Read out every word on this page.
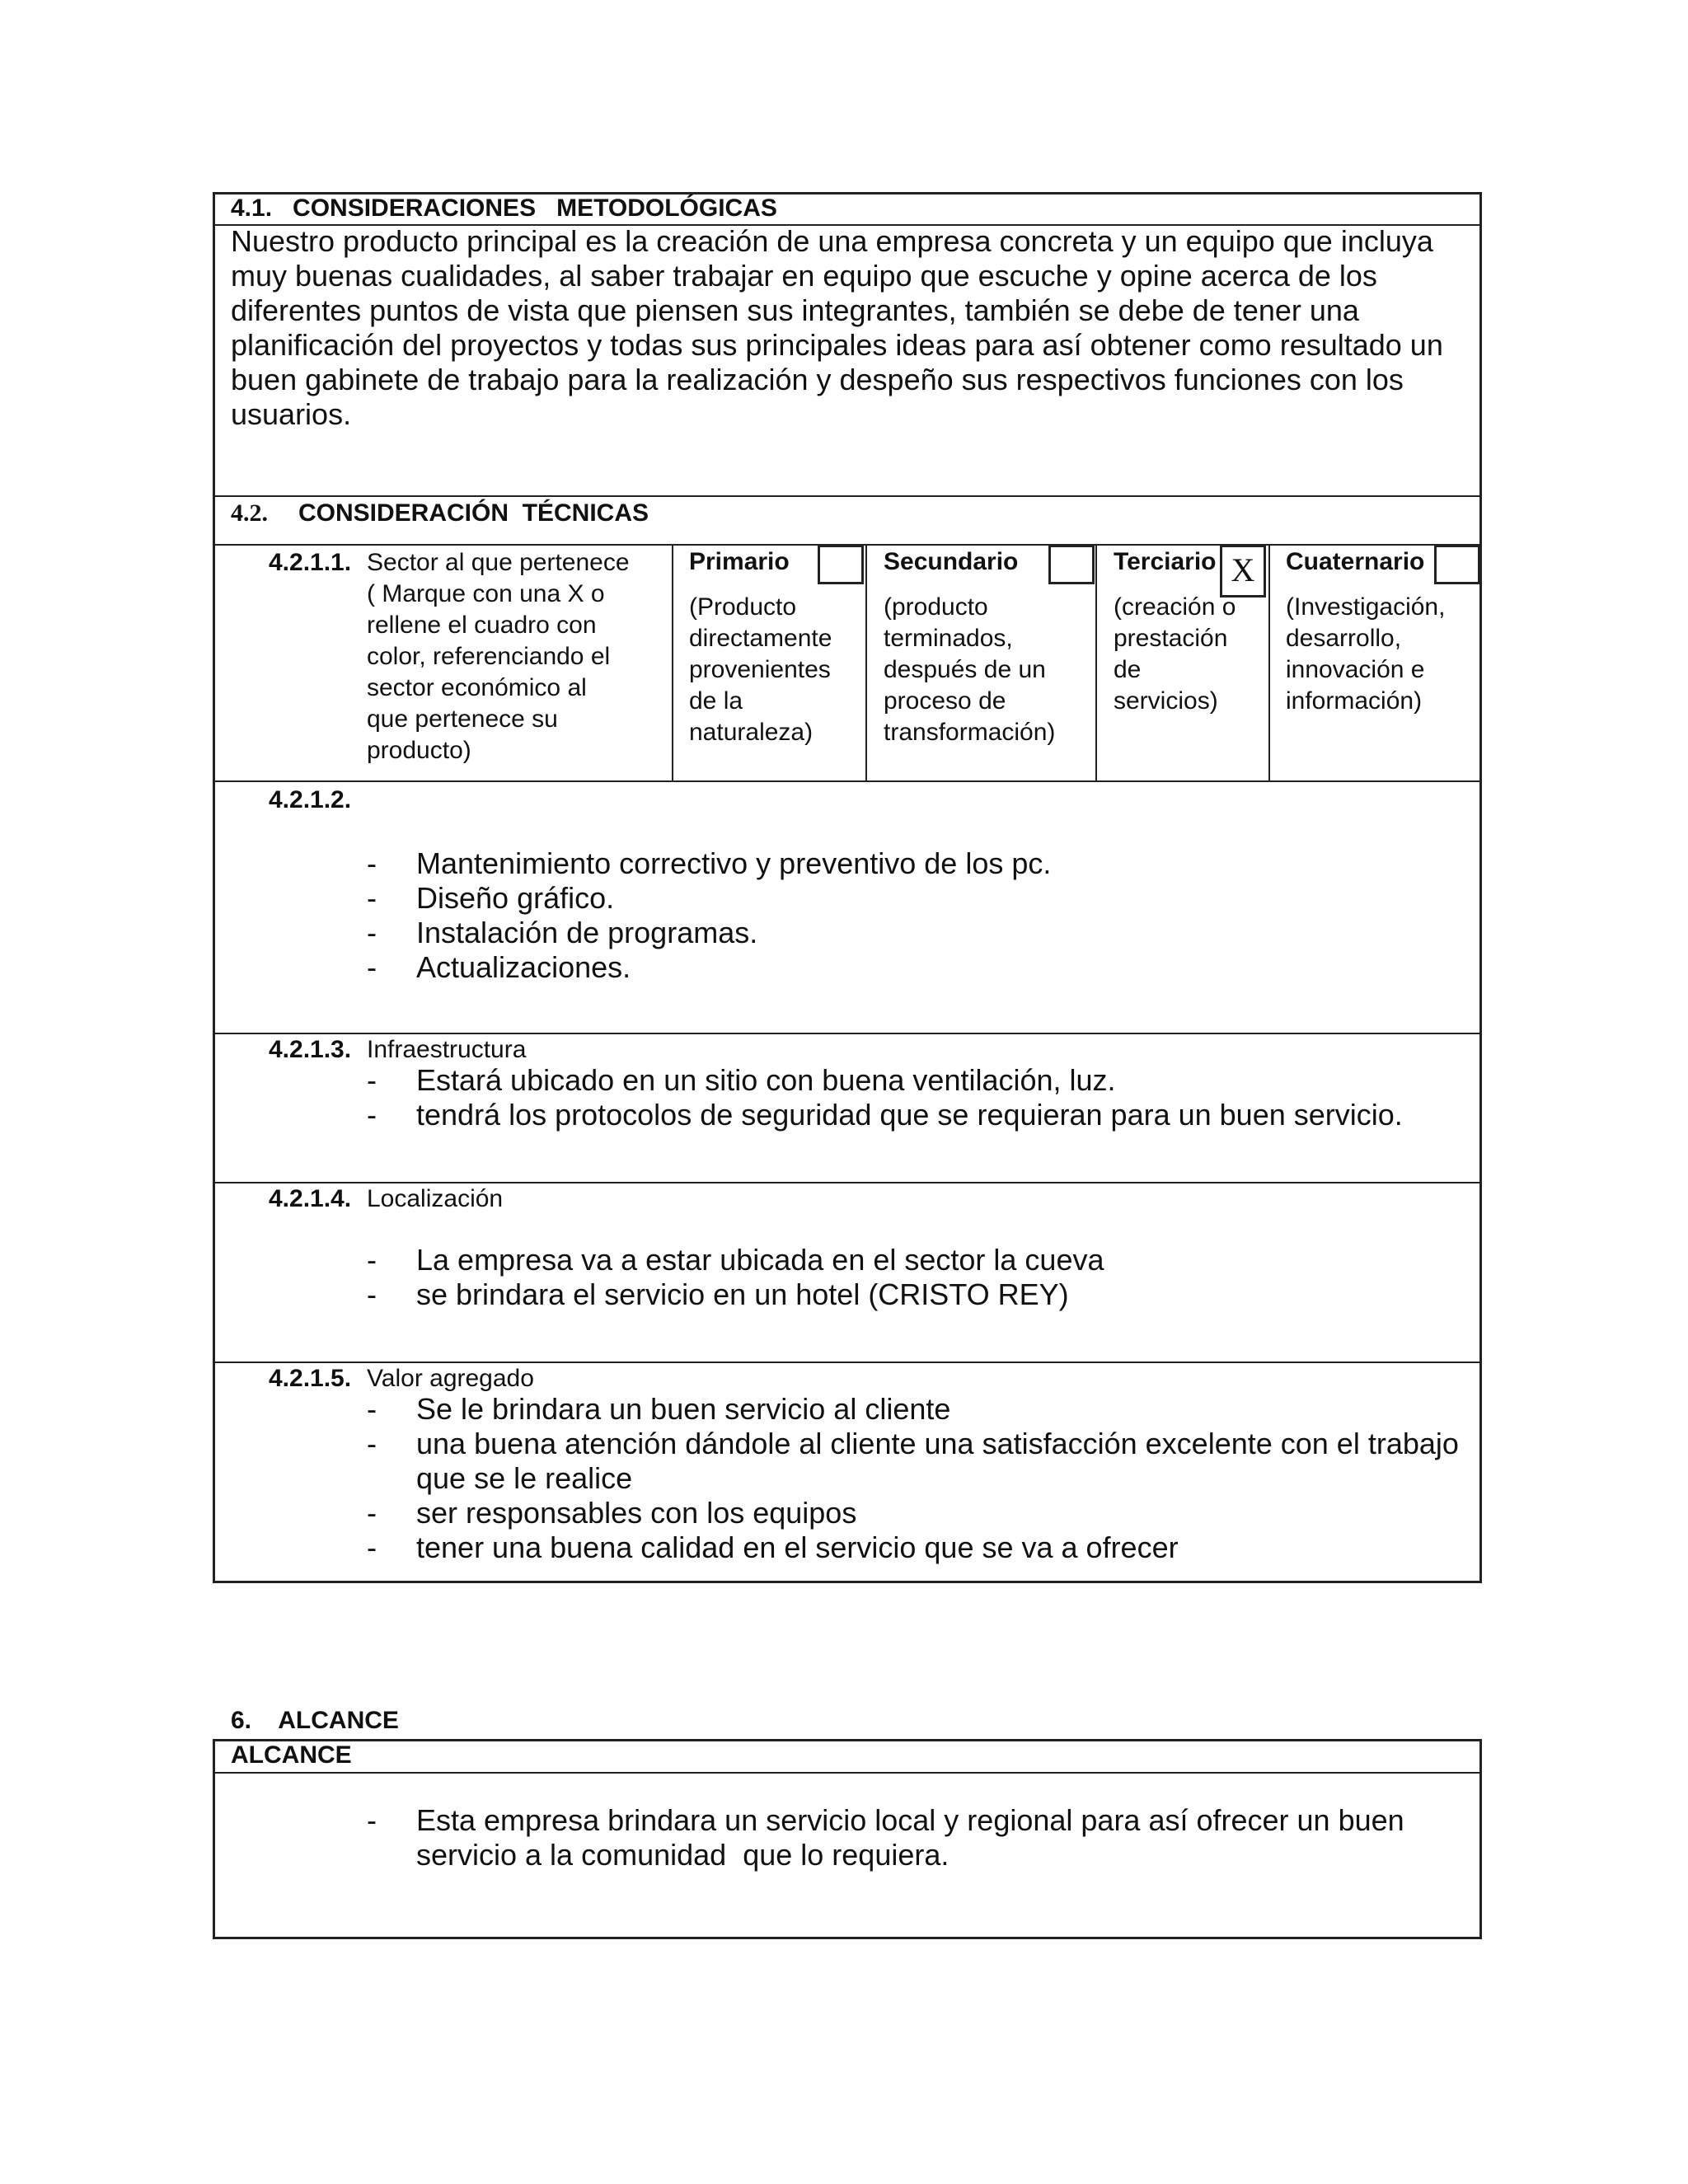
4.1.   CONSIDERACIONES   METODOLÓGICAS
Nuestro producto principal es la creación de una empresa concreta y un equipo que incluya
muy buenas cualidades, al saber trabajar en equipo que escuche y opine acerca de los
diferentes puntos de vista que piensen sus integrantes, también se debe de tener una
planificación del proyectos y todas sus principales ideas para así obtener como resultado un
buen gabinete de trabajo para la realización y despeño sus respectivos funciones con los
usuarios.
4.2. CONSIDERACIÓN  TÉCNICAS
4.2.1.1. Sector al que pertenece
( Marque con una X o
rellene el cuadro con
color, referenciando el
sector económico al
que pertenece su
producto)
Primario
(Producto
directamente
provenientes
de la
naturaleza)
Secundario
(producto
terminados,
después de un
proceso de
transformación)
Terciario X
(creación o
prestación
de
servicios)
Cuaternario
(Investigación,
desarrollo,
innovación e
información)
4.2.1.2.
- Mantenimiento correctivo y preventivo de los pc.
- Diseño gráfico.
- Instalación de programas.
- Actualizaciones.
4.2.1.3. Infraestructura
- Estará ubicado en un sitio con buena ventilación, luz.
- tendrá los protocolos de seguridad que se requieran para un buen servicio.
4.2.1.4. Localización
- La empresa va a estar ubicada en el sector la cueva
- se brindara el servicio en un hotel (CRISTO REY)
4.2.1.5. Valor agregado
- Se le brindara un buen servicio al cliente
- una buena atención dándole al cliente una satisfacción excelente con el trabajo
que se le realice
- ser responsables con los equipos
- tener una buena calidad en el servicio que se va a ofrecer
6.    ALCANCE
ALCANCE
- Esta empresa brindara un servicio local y regional para así ofrecer un buen
servicio a la comunidad  que lo requiera.
